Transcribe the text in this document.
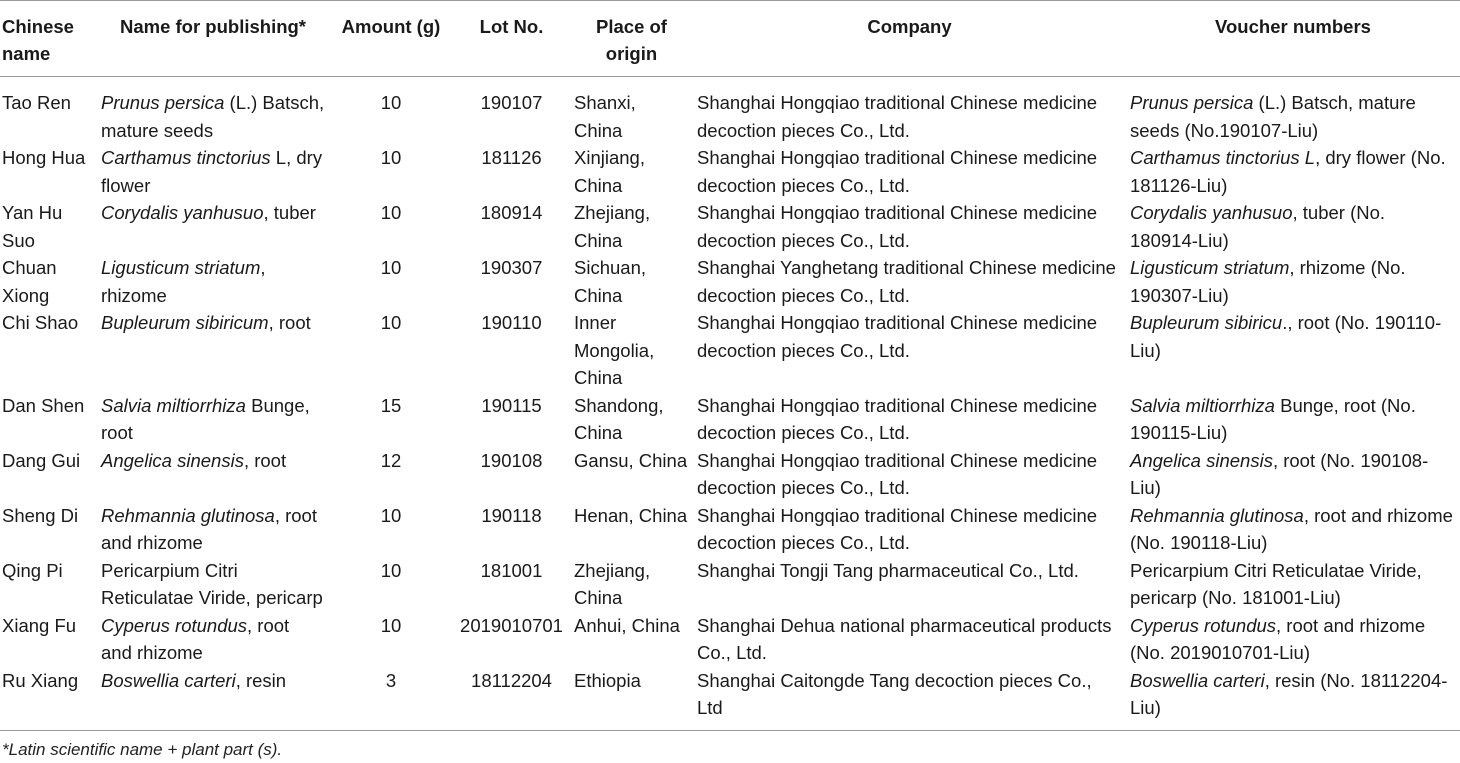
Chinese name	Name for publishing*	Amount (g)	Lot No.	Place of origin	Company	Voucher numbers
Tao Ren	Prunus persica (L.) Batsch, mature seeds	10	190107	Shanxi, China	Shanghai Hongqiao traditional Chinese medicine decoction pieces Co., Ltd.	Prunus persica (L.) Batsch, mature seeds (No.190107-Liu)
Hong Hua	Carthamus tinctorius L, dry flower	10	181126	Xinjiang, China	Shanghai Hongqiao traditional Chinese medicine decoction pieces Co., Ltd.	Carthamus tinctorius L, dry flower (No. 181126-Liu)
Yan Hu Suo	Corydalis yanhusuo, tuber	10	180914	Zhejiang, China	Shanghai Hongqiao traditional Chinese medicine decoction pieces Co., Ltd.	Corydalis yanhusuo, tuber (No. 180914-Liu)
Chuan Xiong	Ligusticum striatum, rhizome	10	190307	Sichuan, China	Shanghai Yanghetang traditional Chinese medicine decoction pieces Co., Ltd.	Ligusticum striatum, rhizome (No. 190307-Liu)
Chi Shao	Bupleurum sibiricum, root	10	190110	Inner Mongolia, China	Shanghai Hongqiao traditional Chinese medicine decoction pieces Co., Ltd.	Bupleurum sibiricu., root (No. 190110-Liu)
Dan Shen	Salvia miltiorrhiza Bunge, root	15	190115	Shandong, China	Shanghai Hongqiao traditional Chinese medicine decoction pieces Co., Ltd.	Salvia miltiorrhiza Bunge, root (No. 190115-Liu)
Dang Gui	Angelica sinensis, root	12	190108	Gansu, China	Shanghai Hongqiao traditional Chinese medicine decoction pieces Co., Ltd.	Angelica sinensis, root (No. 190108-Liu)
Sheng Di	Rehmannia glutinosa, root and rhizome	10	190118	Henan, China	Shanghai Hongqiao traditional Chinese medicine decoction pieces Co., Ltd.	Rehmannia glutinosa, root and rhizome (No. 190118-Liu)
Qing Pi	Pericarpium Citri Reticulatae Viride, pericarp	10	181001	Zhejiang, China	Shanghai Tongji Tang pharmaceutical Co., Ltd.	Pericarpium Citri Reticulatae Viride, pericarp (No. 181001-Liu)
Xiang Fu	Cyperus rotundus, root and rhizome	10	2019010701	Anhui, China	Shanghai Dehua national pharmaceutical products Co., Ltd.	Cyperus rotundus, root and rhizome (No. 2019010701-Liu)
Ru Xiang	Boswellia carteri, resin	3	18112204	Ethiopia	Shanghai Caitongde Tang decoction pieces Co., Ltd	Boswellia carteri, resin (No. 18112204-Liu)
*Latin scientific name + plant part (s).
